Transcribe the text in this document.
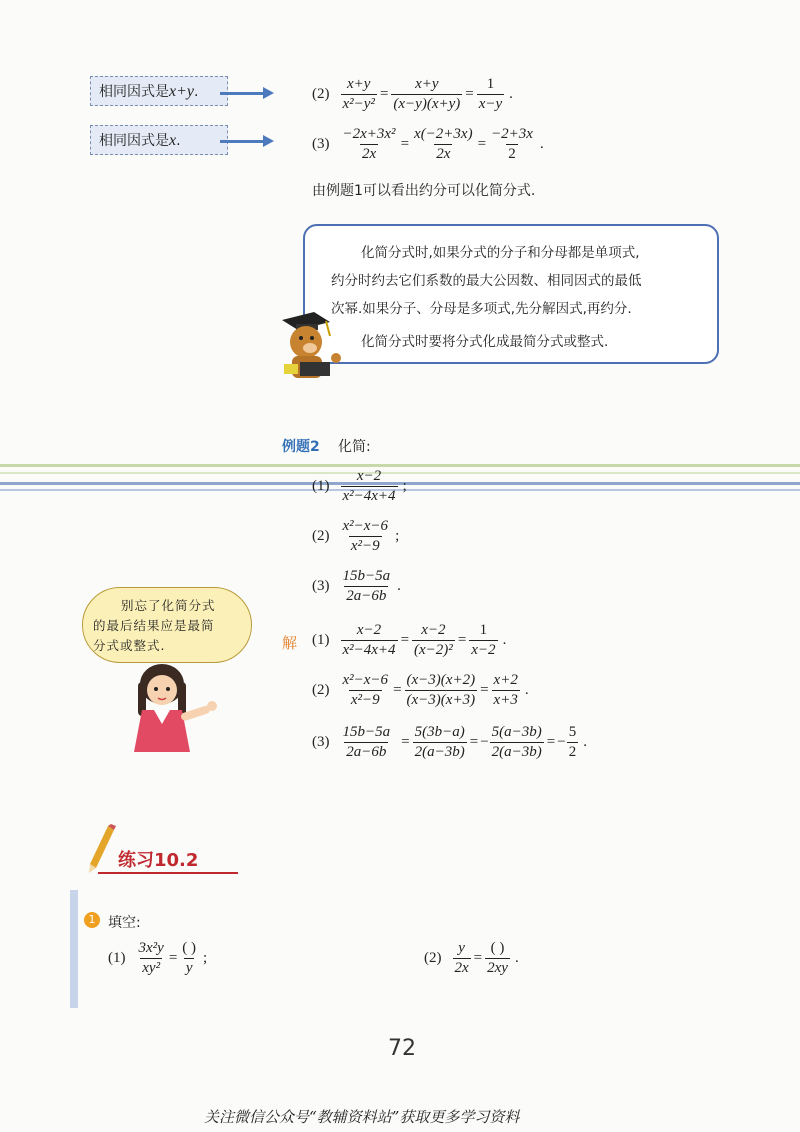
相同因式是x+y.
相同因式是x.
$(2) \frac{x+y}{\text{x²−y²}} = \frac{x+y}{(x-y)(x+y)} = \frac{1}{x-y}$ .
$(3) \frac{\text{−2x+3x²}}{2x} = \frac{x(-2+3x)}{2x} = \frac{-2+3x}{2}$ .
由例题1可以看出约分可以化简分式.

化简分式时,如果分式的分子和分母都是单项式,

约分时约去它们系数的最大公因数、相同因式的最低

次幂.如果分子、分母是多项式,先分解因式,再约分.

化简分式时要将分式化成最简分式或整式.

例题2 化简:
$(1) \frac{x-2}{\text{x²−4x+4}}$ ;
$(2) \frac{\text{x²−x−6}}{\text{x²−9}}$ ;
$(3) \frac{15b-5a}{2a-6b}$ .
解 $(1) \frac{x-2}{\text{x²−4x+4}} = \frac{x-2}{\text{(x−2)²}} = \frac{1}{x-2}$ .
$(2) \frac{\text{x²−x−6}}{\text{x²−9}} = \frac{(x-3)(x+2)}{(x-3)(x+3)} = \frac{x+2}{x+3}$ .
$(3) \frac{15b-5a}{2a-6b} = \frac{5(3b-a)}{2(a-3b)}$ = − $\frac{5(a-3b)}{2(a-3b)}$ = − $\frac{5}{2}$ .

别忘了化简分式

的最后结果应是最简

分式或整式.

练习10.2
1 填空:
$(1) \frac{\text{3x²y}}{\text{xy²}}$ =
( )
y
;	$(2) \frac{y}{2x}$ =
( )
2xy
.
72
关注微信公众号“教辅资料站”获取更多学习资料
